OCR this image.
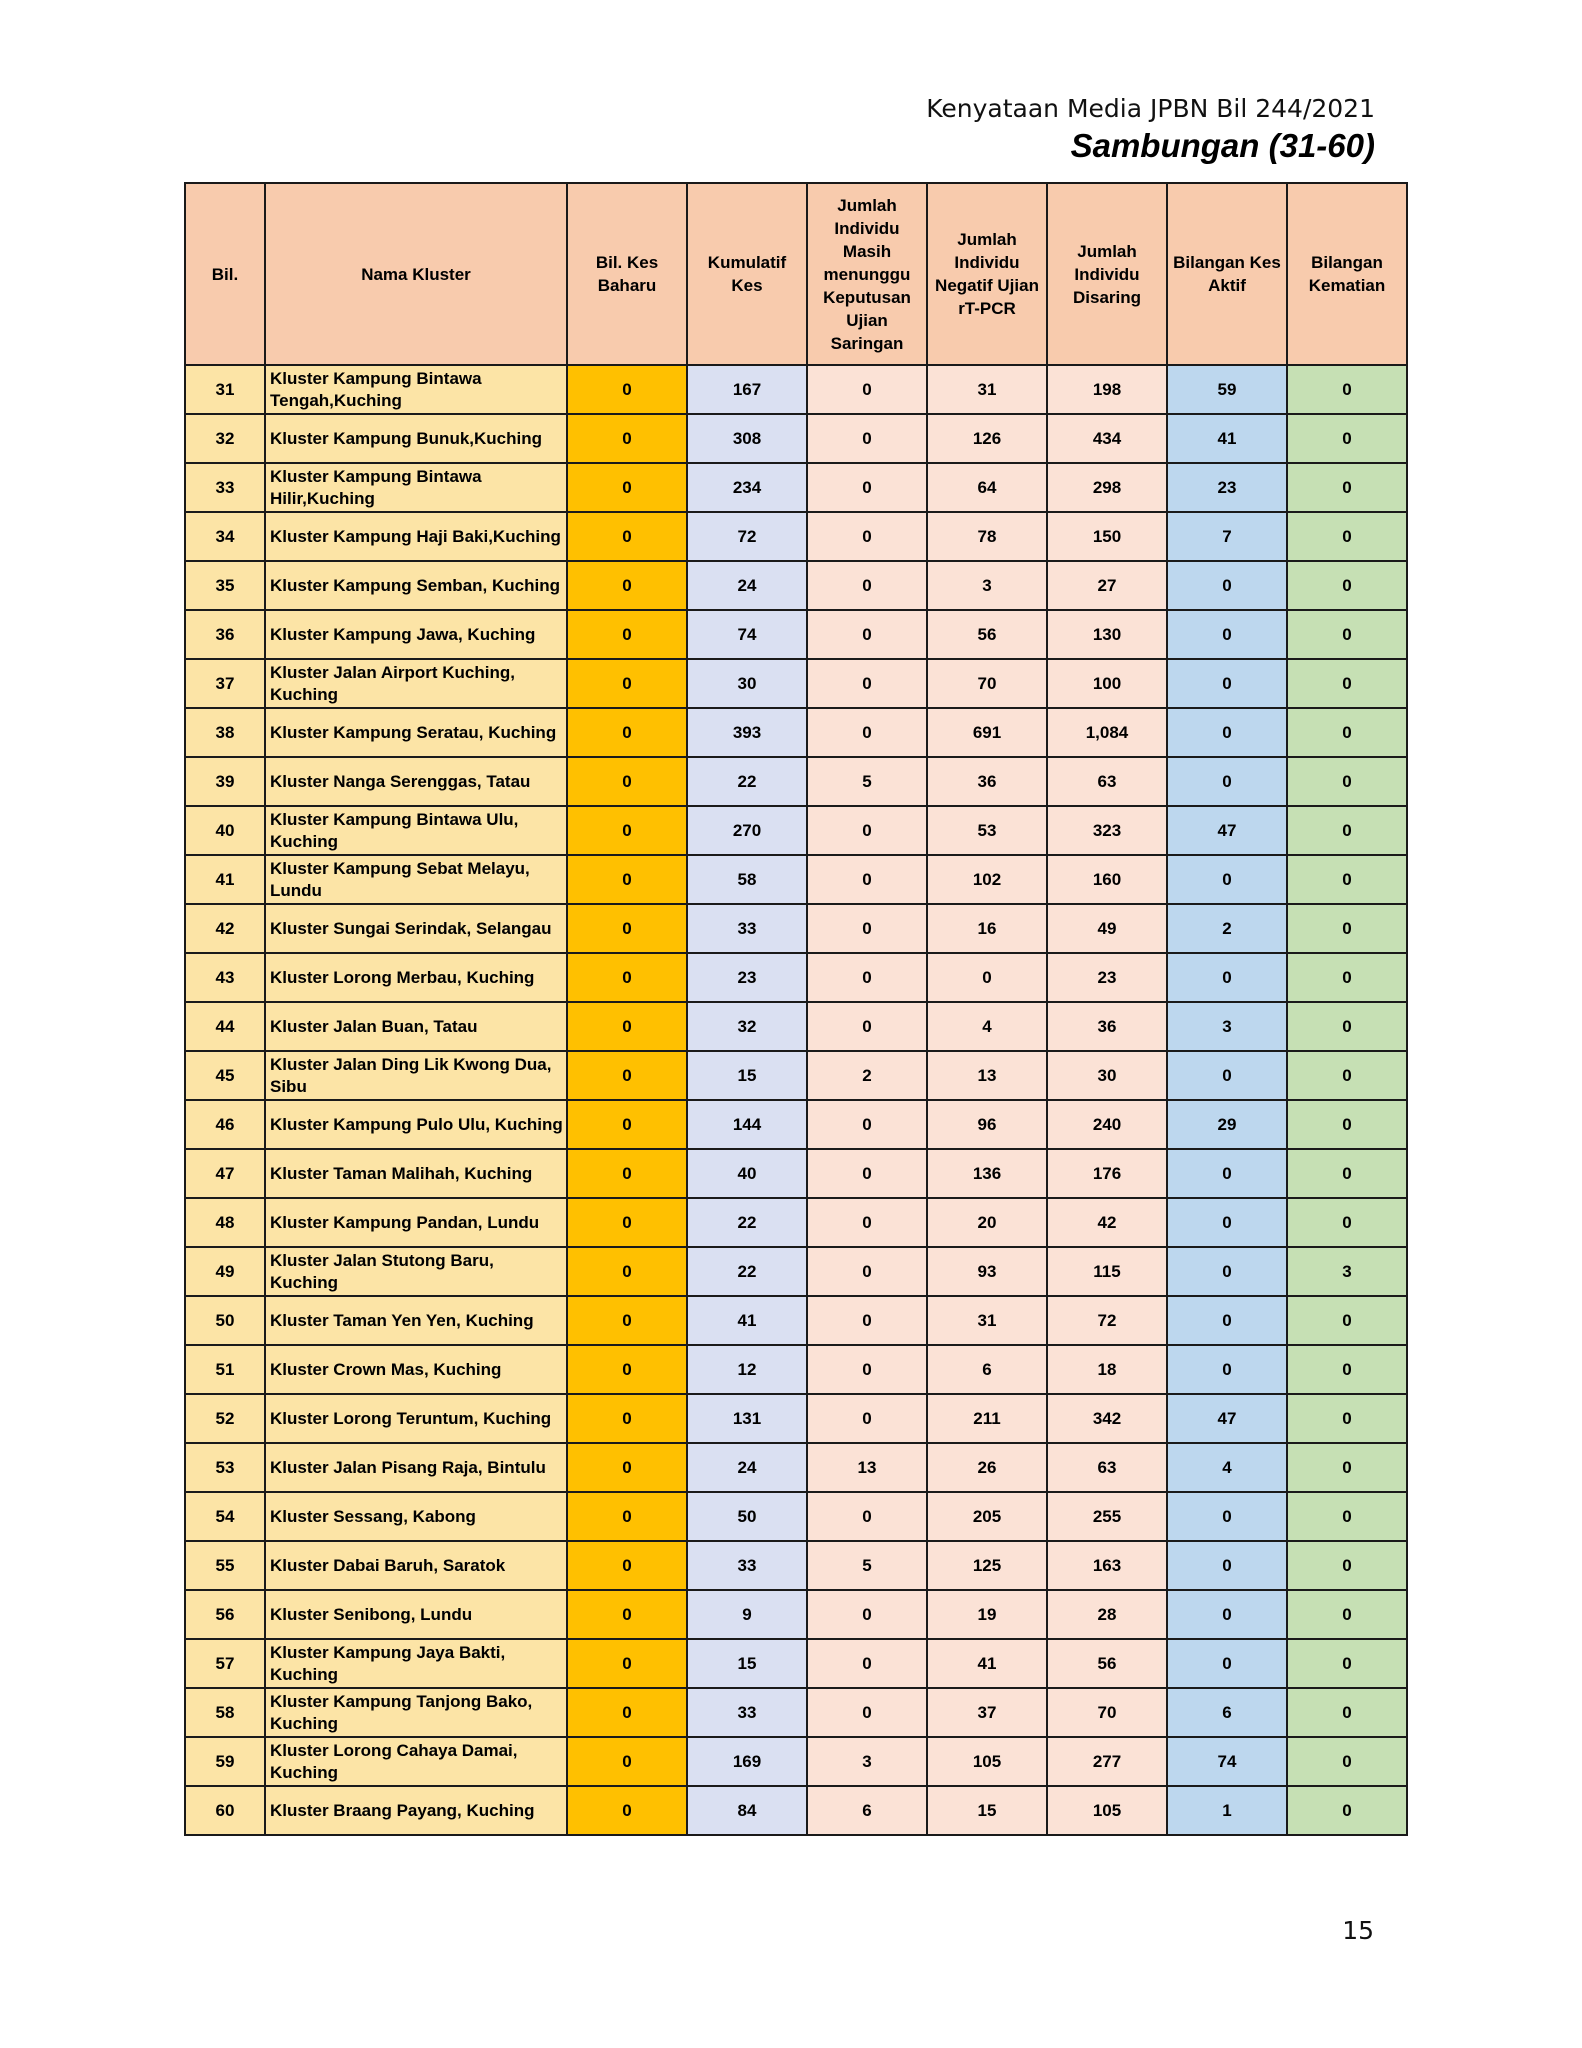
Kenyataan Media JPBN Bil 244/2021
Sambungan (31-60)
Bil.	Nama Kluster	Bil. Kes Baharu	Kumulatif Kes	Jumlah Individu Masih menunggu Keputusan Ujian Saringan	Jumlah Individu Negatif Ujian rT-PCR	Jumlah Individu Disaring	Bilangan Kes Aktif	Bilangan Kematian
31	Kluster Kampung Bintawa Tengah,Kuching	0	167	0	31	198	59	0
32	Kluster Kampung Bunuk,Kuching	0	308	0	126	434	41	0
33	Kluster Kampung Bintawa Hilir,Kuching	0	234	0	64	298	23	0
34	Kluster Kampung Haji Baki,Kuching	0	72	0	78	150	7	0
35	Kluster Kampung Semban, Kuching	0	24	0	3	27	0	0
36	Kluster Kampung Jawa, Kuching	0	74	0	56	130	0	0
37	Kluster Jalan Airport Kuching, Kuching	0	30	0	70	100	0	0
38	Kluster Kampung Seratau, Kuching	0	393	0	691	1,084	0	0
39	Kluster Nanga Serenggas, Tatau	0	22	5	36	63	0	0
40	Kluster Kampung Bintawa Ulu, Kuching	0	270	0	53	323	47	0
41	Kluster Kampung Sebat Melayu, Lundu	0	58	0	102	160	0	0
42	Kluster Sungai Serindak, Selangau	0	33	0	16	49	2	0
43	Kluster Lorong Merbau, Kuching	0	23	0	0	23	0	0
44	Kluster Jalan Buan, Tatau	0	32	0	4	36	3	0
45	Kluster Jalan Ding Lik Kwong Dua, Sibu	0	15	2	13	30	0	0
46	Kluster Kampung Pulo Ulu, Kuching	0	144	0	96	240	29	0
47	Kluster Taman Malihah, Kuching	0	40	0	136	176	0	0
48	Kluster Kampung Pandan, Lundu	0	22	0	20	42	0	0
49	Kluster Jalan Stutong Baru, Kuching	0	22	0	93	115	0	3
50	Kluster Taman Yen Yen, Kuching	0	41	0	31	72	0	0
51	Kluster Crown Mas, Kuching	0	12	0	6	18	0	0
52	Kluster Lorong Teruntum, Kuching	0	131	0	211	342	47	0
53	Kluster Jalan Pisang Raja, Bintulu	0	24	13	26	63	4	0
54	Kluster Sessang, Kabong	0	50	0	205	255	0	0
55	Kluster Dabai Baruh, Saratok	0	33	5	125	163	0	0
56	Kluster Senibong, Lundu	0	9	0	19	28	0	0
57	Kluster Kampung Jaya Bakti, Kuching	0	15	0	41	56	0	0
58	Kluster Kampung Tanjong Bako, Kuching	0	33	0	37	70	6	0
59	Kluster Lorong Cahaya Damai, Kuching	0	169	3	105	277	74	0
60	Kluster Braang Payang, Kuching	0	84	6	15	105	1	0
15
